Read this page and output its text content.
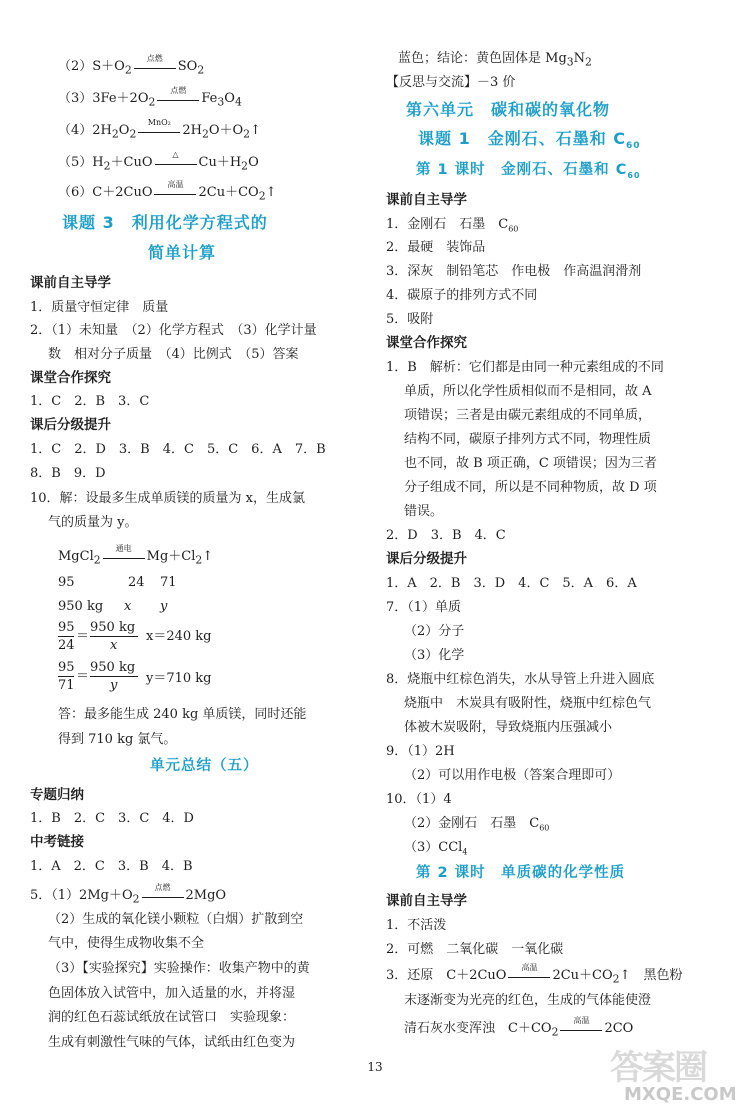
$(2)S+O_2$
点燃
$SO_2$
$(3)3Fe+2O_2$
点燃
$Fe_3O_4$
$(4)2H_2O_2$
MnO₂
$2H_2O+O_2↑$
$(5)H_2+CuO$
△
$Cu+H_2O$
（6）C＋2CuO
高温
$2Cu+CO_2↑$
课题 3　利用化学方程式的
简单计算
课前自主导学
1．质量守恒定律　质量
2．（1）未知量　（2）化学方程式　（3）化学计量
数　相对分子质量　（4）比例式　（5）答案
课堂合作探究
1．C　2．B　3．C
课后分级提升
1．C　2．D　3．B　4．C　5．C　6．A　7．B
8．B　9．D
10．解：设最多生成单质镁的质量为 x，生成氯
气的质量为 y。
MgCl$_2$
通电
$Mg+Cl_2↑$
95	24 71
950 kg x y
95
24
＝
950 kg
x
x＝240 kg
95
71
＝
950 kg
y y＝710 kg
答：最多能生成 240 kg 单质镁，同时还能
得到 710 kg 氯气。
单元总结（五）
专题归纳
1．B　2．C　3．C　4．D
中考链接
1．A　2．C　3．B　4．B
5．$(1)2Mg+O_2$
点燃
2MgO
（2）生成的氧化镁小颗粒（白烟）扩散到空
气中，使得生成物收集不全
（3）【实验探究】实验操作：收集产物中的黄
色固体放入试管中，加入适量的水，并将湿
润的红色石蕊试纸放在试管口　实验现象：
生成有刺激性气味的气体，试纸由红色变为
蓝色；结论：黄色固体是 $Mg_3N_2$
【反思与交流】－3 价
第六单元　碳和碳的氧化物
课题 1　金刚石、石墨和 $C_{60}$
第 1 课时　金刚石、石墨和 $C_{60}$
课前自主导学
1．金刚石　石墨　$C_{60}$
2．最硬　装饰品
3．深灰　制铅笔芯　作电极　作高温润滑剂
4．碳原子的排列方式不同
5．吸附
课堂合作探究
1．B　解析：它们都是由同一种元素组成的不同
单质，所以化学性质相似而不是相同，故 A
项错误；三者是由碳元素组成的不同单质，
结构不同，碳原子排列方式不同，物理性质
也不同，故 B 项正确，C 项错误；因为三者
分子组成不同，所以是不同种物质，故 D 项
错误。
2．D　3．B　4．C
课后分级提升
1．A　2．B　3．D　4．C　5．A　6．A
7．（1）单质
（2）分子
（3）化学
8．烧瓶中红棕色消失，水从导管上升进入圆底
烧瓶中　木炭具有吸附性，烧瓶中红棕色气
体被木炭吸附，导致烧瓶内压强减小
9．（1）2H
（2）可以用作电极（答案合理即可）
10．（1）4
（2）金刚石　石墨　$C_{60}$
（3）CCl$_4$
第 2 课时　单质碳的化学性质
课前自主导学
1．不活泼
2．可燃　二氧化碳　一氧化碳
3．还原　C＋2CuO
高温
$2Cu+CO_2↑$　黑色粉
末逐渐变为光亮的红色，生成的气体能使澄
清石灰水变浑浊　$C+CO_2$
高温
2CO
13	答案圈
MXQE.COM
